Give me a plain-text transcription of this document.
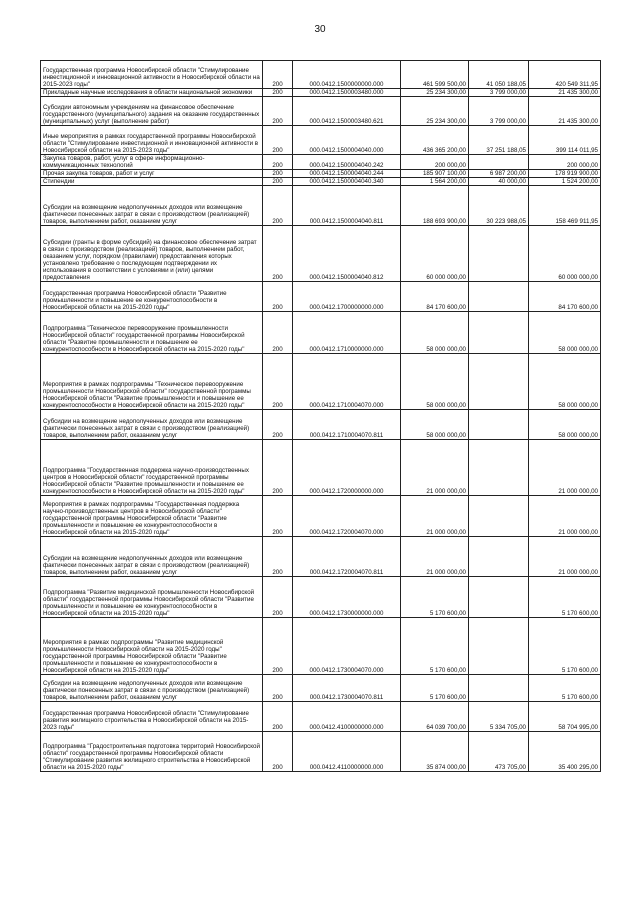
30
Государственная программа Новосибирской области "Стимулирование инвестиционной и инновационной активности в Новосибирской области на 2015-2023 годы"	200	000.0412.1500000000.000	461 599 500,00	41 050 188,05	420 549 311,95
Прикладные научные исследования в области национальной экономики	200	000.0412.1500003480.000	25 234 300,00	3 799 000,00	21 435 300,00
Субсидии автономным учреждениям на финансовое обеспечение государственного (муниципального) задания на оказание государственных (муниципальных) услуг (выполнение работ)	200	000.0412.1500003480.621	25 234 300,00	3 799 000,00	21 435 300,00
Иные мероприятия в рамках государственной программы Новосибирской области "Стимулирование инвестиционной и инновационной активности в Новосибирской области на 2015-2023 годы"	200	000.0412.1500004040.000	436 365 200,00	37 251 188,05	399 114 011,95
Закупка товаров, работ, услуг в сфере информационно-коммуникационных технологий	200	000.0412.1500004040.242	200 000,00		200 000,00
Прочая закупка товаров, работ и услуг	200	000.0412.1500004040.244	185 907 100,00	6 987 200,00	178 919 900,00
Стипендии	200	000.0412.1500004040.340	1 564 200,00	40 000,00	1 524 200,00
Субсидии на возмещение недополученных доходов или возмещение фактически понесенных затрат в связи с производством (реализацией) товаров, выполнением работ, оказанием услуг	200	000.0412.1500004040.811	188 693 900,00	30 223 988,05	158 469 911,95
Субсидии (гранты в форме субсидий) на финансовое обеспечение затрат в связи с производством (реализацией) товаров, выполнением работ, оказанием услуг, порядком (правилами) предоставления которых установлено требование о последующем подтверждении их использования в соответствии с условиями и (или) целями предоставления	200	000.0412.1500004040.812	60 000 000,00		60 000 000,00
Государственная программа Новосибирской области "Развитие промышленности и повышение ее конкурентоспособности в Новосибирской области на 2015-2020 годы"	200	000.0412.1700000000.000	84 170 600,00		84 170 600,00
Подпрограмма "Техническое перевооружение промышленности Новосибирской области" государственной программы Новосибирской области "Развитие промышленности и повышение ее конкурентоспособности в Новосибирской области на 2015-2020 годы"	200	000.0412.1710000000.000	58 000 000,00		58 000 000,00
Мероприятия в рамках подпрограммы "Техническое перевооружение промышленности Новосибирской области" государственной программы Новосибирской области "Развитие промышленности и повышение ее конкурентоспособности в Новосибирской области на 2015-2020 годы"	200	000.0412.1710004070.000	58 000 000,00		58 000 000,00
Субсидии на возмещение недополученных доходов или возмещение фактически понесенных затрат в связи с производством (реализацией) товаров, выполнением работ, оказанием услуг	200	000.0412.1710004070.811	58 000 000,00		58 000 000,00
Подпрограмма "Государственная поддержка научно-производственных центров в Новосибирской области" государственной программы Новосибирской области "Развитие промышленности и повышение ее конкурентоспособности в Новосибирской области на 2015-2020 годы"	200	000.0412.1720000000.000	21 000 000,00		21 000 000,00
Мероприятия в рамках подпрограммы "Государственная поддержка научно-производственных центров в Новосибирской области" государственной программы Новосибирской области "Развитие промышленности и повышение ее конкурентоспособности в Новосибирской области на 2015-2020 годы"	200	000.0412.1720004070.000	21 000 000,00		21 000 000,00
Субсидии на возмещение недополученных доходов или возмещение фактически понесенных затрат в связи с производством (реализацией) товаров, выполнением работ, оказанием услуг	200	000.0412.1720004070.811	21 000 000,00		21 000 000,00
Подпрограмма "Развитие медицинской промышленности Новосибирской области" государственной программы Новосибирской области "Развитие промышленности и повышение ее конкурентоспособности в Новосибирской области на 2015-2020 годы"	200	000.0412.1730000000.000	5 170 600,00		5 170 600,00
Мероприятия в рамках подпрограммы "Развитие медицинской промышленности Новосибирской области на 2015-2020 годы" государственной программы Новосибирской области "Развитие промышленности и повышение ее конкурентоспособности в Новосибирской области на 2015-2020 годы"	200	000.0412.1730004070.000	5 170 600,00		5 170 600,00
Субсидии на возмещение недополученных доходов или возмещение фактически понесенных затрат в связи с производством (реализацией) товаров, выполнением работ, оказанием услуг	200	000.0412.1730004070.811	5 170 600,00		5 170 600,00
Государственная программа Новосибирской области "Стимулирование развития жилищного строительства в Новосибирской области на 2015-2023 годы"	200	000.0412.4100000000.000	64 039 700,00	5 334 705,00	58 704 995,00
Подпрограмма "Градостроительная подготовка территорий Новосибирской области" государственной программы Новосибирской области "Стимулирование развития жилищного строительства в Новосибирской области на 2015-2020 годы"	200	000.0412.4110000000.000	35 874 000,00	473 705,00	35 400 295,00
